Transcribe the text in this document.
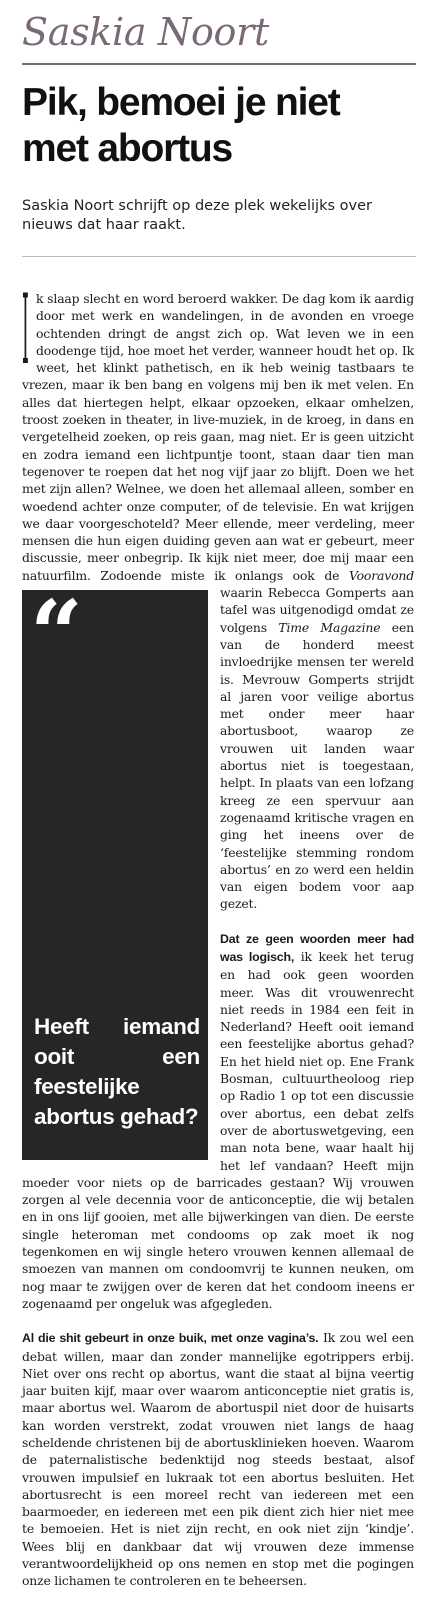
Saskia Noort
Pik, bemoei je niet met abortus

Saskia Noort schrijft op deze plek wekelijks over nieuws dat haar raakt.

I
“

Heeft iemand ooit een feestelijke abortus gehad?

k slaap slecht en word beroerd wakker. De dag kom ik aardig door met werk en wandelingen, in de avonden en vroege ochtenden dringt de angst zich op. Wat leven we in een doodenge tijd, hoe moet het verder, wanneer houdt het op. Ik weet, het klinkt pathetisch, en ik heb weinig tastbaars te vrezen, maar ik ben bang en volgens mij ben ik met velen. En alles dat hiertegen helpt, elkaar opzoeken, elkaar omhelzen, troost zoeken in theater, in live-muziek, in de kroeg, in dans en vergetelheid zoeken, op reis gaan, mag niet. Er is geen uitzicht en zodra iemand een lichtpuntje toont, staan daar tien man tegenover te roepen dat het nog vijf jaar zo blijft. Doen we het met zijn allen? Welnee, we doen het allemaal alleen, somber en woedend achter onze computer, of de televisie. En wat krijgen we daar voorgeschoteld? Meer ellende, meer verdeling, meer mensen die hun eigen duiding geven aan wat er gebeurt, meer discussie, meer onbegrip. Ik kijk niet meer, doe mij maar een natuurfilm. Zodoende miste ik onlangs ook de Vooravond waarin Rebecca Gomperts aan tafel was uitgenodigd omdat ze volgens Time Magazine een van de honderd meest invloedrijke mensen ter wereld is. Mevrouw Gomperts strijdt al jaren voor veilige abortus met onder meer haar abortusboot, waarop ze vrouwen uit landen waar abortus niet is toegestaan, helpt. In plaats van een lofzang kreeg ze een spervuur aan zogenaamd kritische vragen en ging het ineens over de ‘feestelijke stemming rondom abortus’ en zo werd een heldin van eigen bodem voor aap gezet.

Dat ze geen woorden meer had was logisch, ik keek het terug en had ook geen woorden meer. Was dit vrouwenrecht niet reeds in 1984 een feit in Nederland? Heeft ooit iemand een feestelijke abortus gehad? En het hield niet op. Ene Frank Bosman, cultuurtheoloog riep op Radio 1 op tot een discussie over abortus, een debat zelfs over de abortuswetgeving, een man nota bene, waar haalt hij het lef vandaan? Heeft mijn moeder voor niets op de barricades gestaan? Wij vrouwen zorgen al vele decennia voor de anticonceptie, die wij betalen en in ons lijf gooien, met alle bijwerkingen van dien. De eerste single heteroman met condooms op zak moet ik nog tegenkomen en wij single hetero vrouwen kennen allemaal de smoezen van mannen om condoomvrij te kunnen neuken, om nog maar te zwijgen over de keren dat het condoom ineens er zogenaamd per ongeluk was afgegleden.

Al die shit gebeurt in onze buik, met onze vagina’s. Ik zou wel een debat willen, maar dan zonder mannelijke egotrippers erbij. Niet over ons recht op abortus, want die staat al bijna veertig jaar buiten kijf, maar over waarom anticonceptie niet gratis is, maar abortus wel. Waarom de abortuspil niet door de huisarts kan worden verstrekt, zodat vrouwen niet langs de haag scheldende christenen bij de abortusklinieken hoeven. Waarom de paternalistische bedenktijd nog steeds bestaat, alsof vrouwen impulsief en lukraak tot een abortus besluiten. Het abortusrecht is een moreel recht van iedereen met een baarmoeder, en iedereen met een pik dient zich hier niet mee te bemoeien. Het is niet zijn recht, en ook niet zijn ‘kindje’. Wees blij en dankbaar dat wij vrouwen deze immense verantwoordelijkheid op ons nemen en stop met die pogingen onze lichamen te controleren en te beheersen.
